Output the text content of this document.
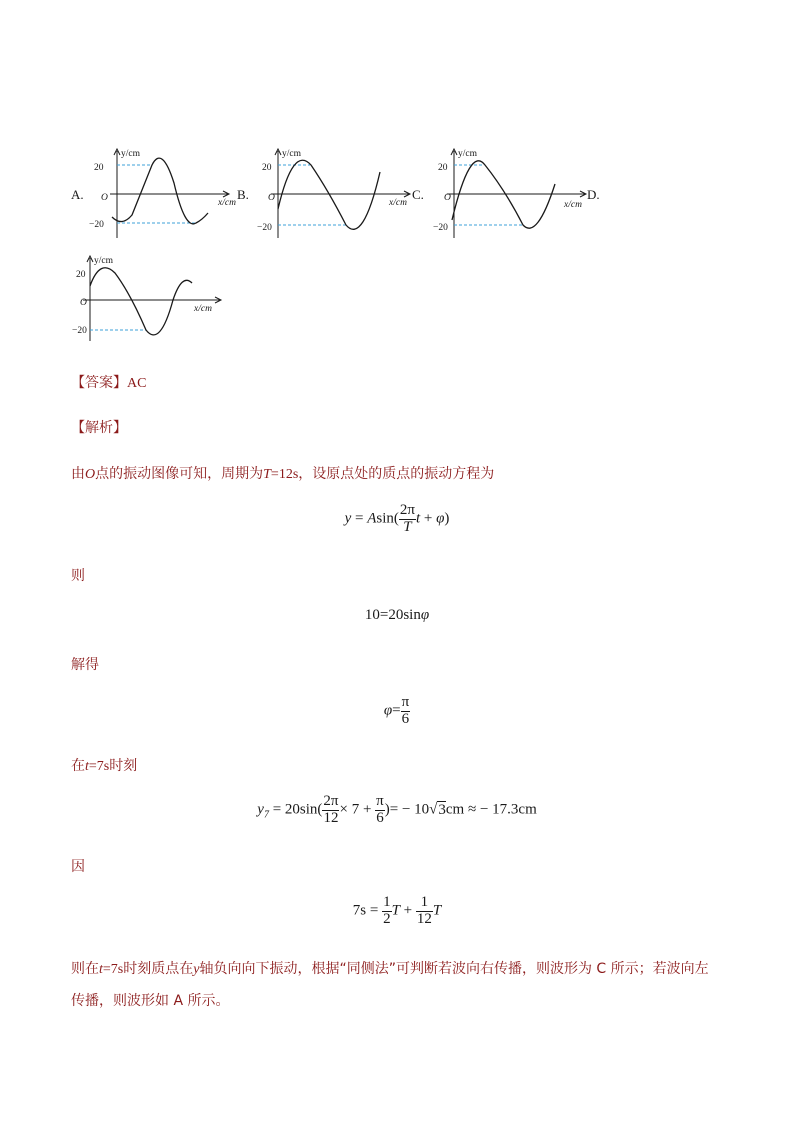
A.
y/cm
20
O
−20
x/cm
B.
y/cm
20
O
−20
x/cm
C.
y/cm
20
O
−20
x/cm
D.
y/cm
20
O
−20
x/cm
【答案】AC
【解析】
由O点的振动图像可知，周期为T=12s，设原点处的质点的振动方程为
$y = Asin( \frac{2\pi}{T}$ t + φ)
则
10=20sinφ
解得
$\varphi= \frac{\pi}{6}$
在t=7s时刻
$y_7 = 20\sin( \frac{2\pi}{12} \times 7 + \frac{\pi}{6}$ )= − 10√3cm ≈ − 17.3cm
因
$7s = \frac{1}{2}$ $T + \frac{1}{12}$ T
则在t=7s时刻质点在y轴负向向下振动，根据“同侧法”可判断若波向右传播，则波形为 C 所示；若波向左
传播，则波形如 A 所示。
